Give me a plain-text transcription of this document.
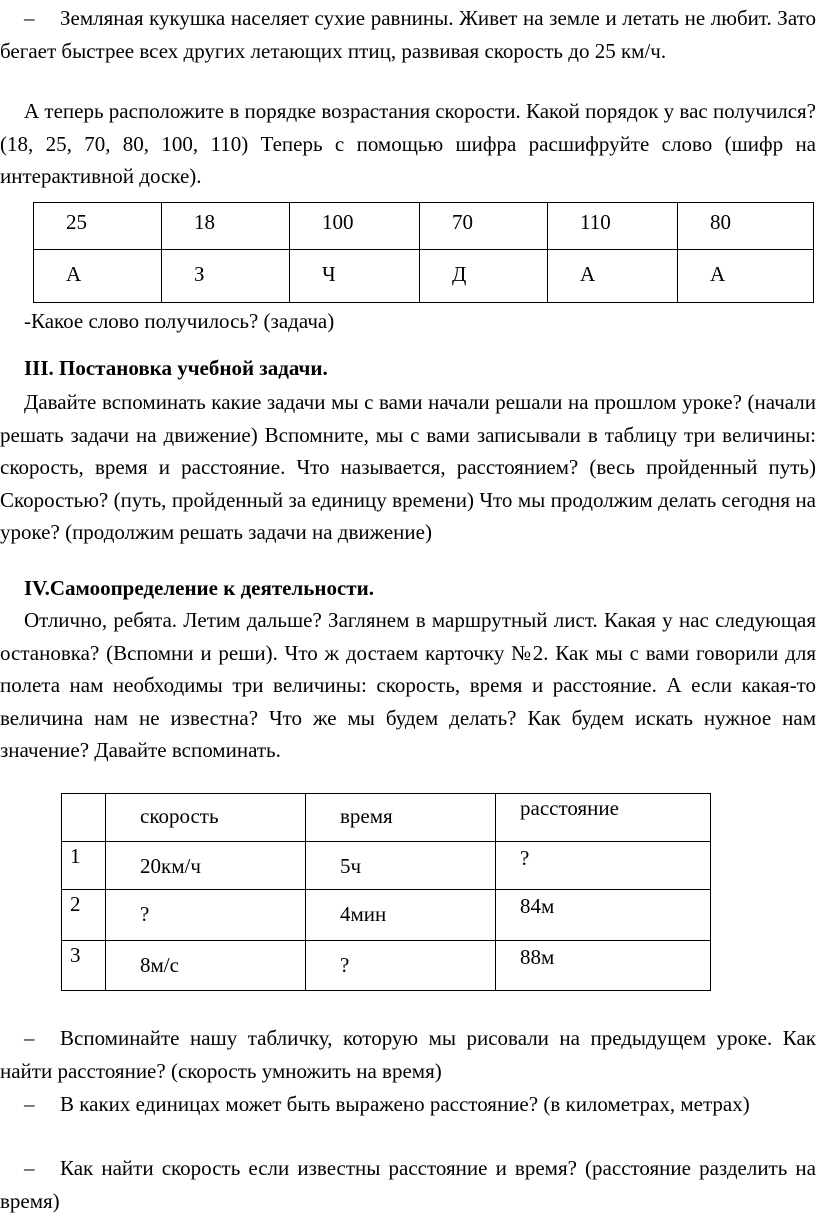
– Земляная кукушка населяет сухие равнины. Живет на земле и летать не любит. Зато бегает быстрее всех других летающих птиц, развивая скорость до 25 км/ч.

А теперь расположите в порядке возрастания скорости. Какой порядок у вас получился? (18, 25, 70, 80, 100, 110) Теперь с помощью шифра расшифруйте слово (шифр на интерактивной доске).

25	18	100	70	110	80
А	З	Ч	Д	А	А

-Какое слово получилось? (задача)

III. Постановка учебной задачи.

Давайте вспоминать какие задачи мы с вами начали решали на прошлом уроке? (начали решать задачи на движение) Вспомните, мы с вами записывали в таблицу три величины: скорость, время и расстояние. Что называется, расстоянием? (весь пройденный путь) Скоростью? (путь, пройденный за единицу времени) Что мы продолжим делать сегодня на уроке? (продолжим решать задачи на движение)

IV.Самоопределение к деятельности.

Отлично, ребята. Летим дальше? Заглянем в маршрутный лист. Какая у нас следующая остановка? (Вспомни и реши). Что ж достаем карточку №2. Как мы с вами говорили для полета нам необходимы три величины: скорость, время и расстояние. А если какая-то величина нам не известна? Что же мы будем делать? Как будем искать нужное нам значение? Давайте вспоминать.

	скорость	время	расстояние
1	20км/ч	5ч	?
2	?	4мин	84м
3	8м/с	?	88м

– Вспоминайте нашу табличку, которую мы рисовали на предыдущем уроке. Как найти расстояние? (скорость умножить на время)

– В каких единицах может быть выражено расстояние? (в километрах, метрах)

– Как найти скорость если известны расстояние и время? (расстояние разделить на время)
